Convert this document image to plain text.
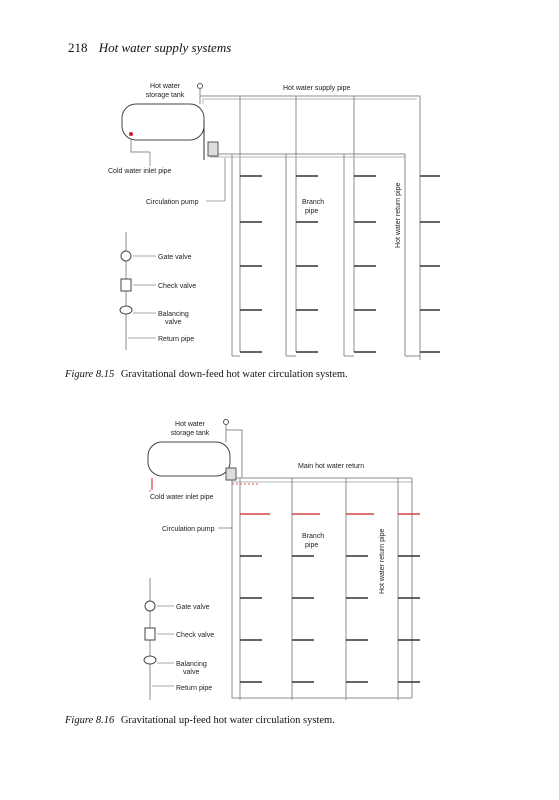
218 Hot water supply systems
Hot water
storage tank
Hot water supply pipe
Cold water inlet pipe
Circulation pump	Branch
pipe	Hot water return pipe
Gate valve
Check valve
Balancing
valve
Return pipe
Figure 8.15 Gravitational down-feed hot water circulation system.
Hot water
storage tank
Main hot water return
Cold water inlet pipe
Circulation pump
Branch
pipe	Hot water return pipe
Gate valve
Check valve
Balancing
valve
Return pipe
Figure 8.16 Gravitational up-feed hot water circulation system.
